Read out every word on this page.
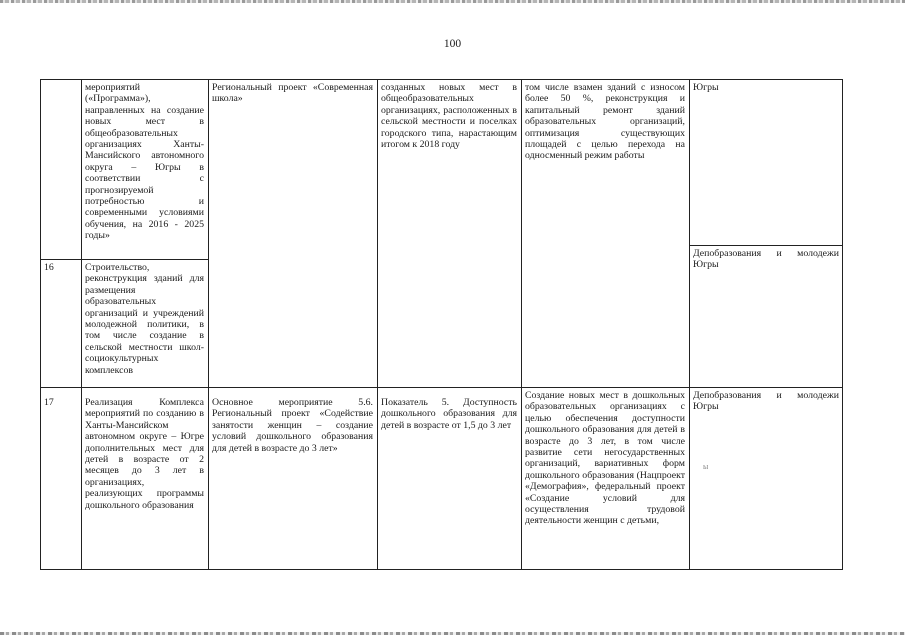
100
мероприятий («Программа»), направленных на создание новых мест в общеобразовательных организациях Ханты-Мансийского автономного округа – Югры в соответствии с прогнозируемой потребностью и современными условиями обучения, на 2016 - 2025 годы»
Региональный проект «Современная школа»
созданных новых мест в общеобразовательных организациях, расположенных в сельской местности и поселках городского типа, нарастающим итогом к 2018 году
том числе взамен зданий с износом более 50 %, реконструкция и капитальный ремонт зданий образовательных организаций, оптимизация существующих площадей с целью перехода на односменный режим работы
Югры
16	Строительство, реконструкция зданий для размещения образовательных организаций и учреждений молодежной политики, в том числе создание в сельской местности школ-социокультурных комплексов
Депобразования и молодежи Югры
17	Реализация Комплекса мероприятий по созданию в Ханты-Мансийском автономном округе – Югре дополнительных мест для детей в возрасте от 2 месяцев до 3 лет в организациях, реализующих программы дошкольного образования
Основное мероприятие 5.6. Региональный проект «Содействие занятости женщин – создание условий дошкольного образования для детей в возрасте до 3 лет»
Показатель 5. Доступность дошкольного образования для детей в возрасте от 1,5 до 3 лет
Создание новых мест в дошкольных образовательных организациях с целью обеспечения доступности дошкольного образования для детей в возрасте до 3 лет, в том числе развитие сети негосударственных организаций, вариативных форм дошкольного образования (Нацпроект «Демография», федеральный проект «Создание условий для осуществления трудовой деятельности женщин с детьми,
Депобразования и молодежи Югры
Ы
